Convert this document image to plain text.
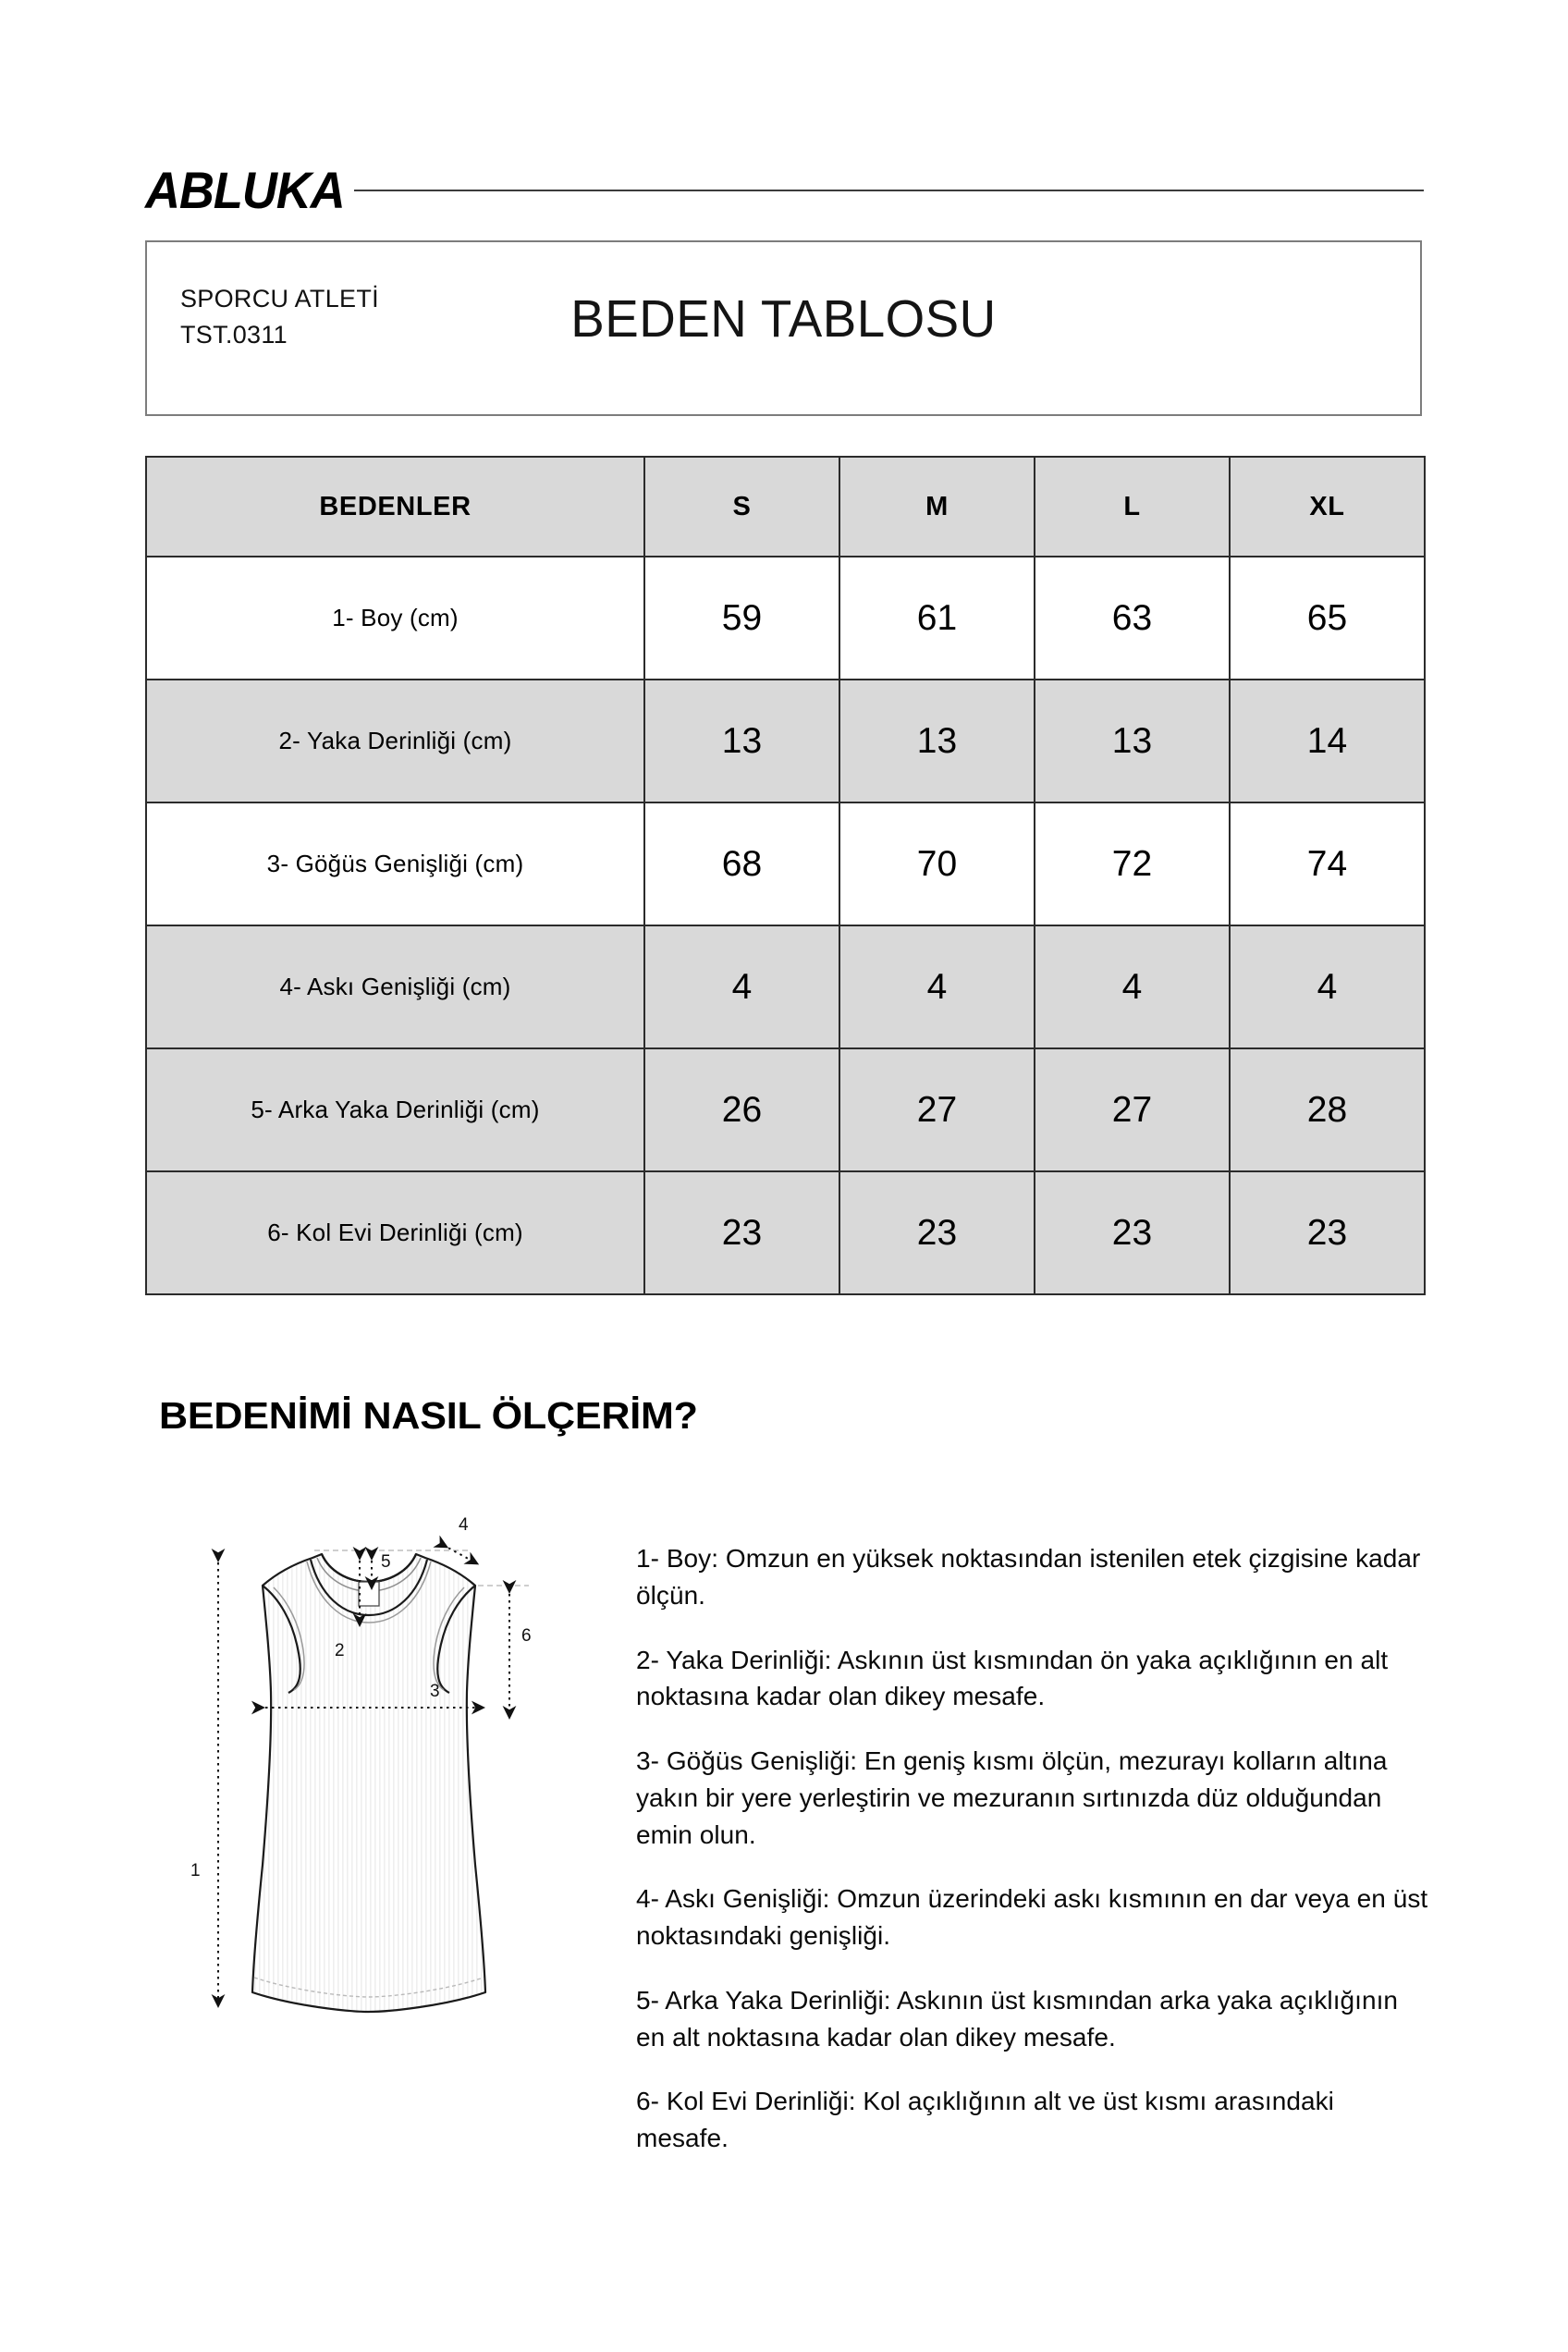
ABLUKA
SPORCU ATLETİ
TST.0311	BEDEN TABLOSU
BEDENLER	S	M	L	XL
1- Boy (cm)	59	61	63	65
2- Yaka Derinliği (cm)	13	13	13	14
3- Göğüs Genişliği (cm)	68	70	72	74
4- Askı Genişliği (cm)	4	4	4	4
5- Arka Yaka Derinliği (cm)	26	27	27	28
6- Kol Evi Derinliği (cm)	23	23	23	23
BEDENİMİ NASIL ÖLÇERİM?
1
2
3
4
5
6

1- Boy: Omzun en yüksek noktasından istenilen etek çizgisine kadar ölçün.

2- Yaka Derinliği: Askının üst kısmından ön yaka açıklığının en alt noktasına kadar olan dikey mesafe.

3- Göğüs Genişliği: En geniş kısmı ölçün, mezurayı kolların altına yakın bir yere yerleştirin ve mezuranın sırtınızda düz olduğundan emin olun.

4- Askı Genişliği: Omzun üzerindeki askı kısmının en dar veya en üst noktasındaki genişliği.

5- Arka Yaka Derinliği: Askının üst kısmından arka yaka açıklığının en alt noktasına kadar olan dikey mesafe.

6- Kol Evi Derinliği: Kol açıklığının alt ve üst kısmı arasındaki mesafe.
